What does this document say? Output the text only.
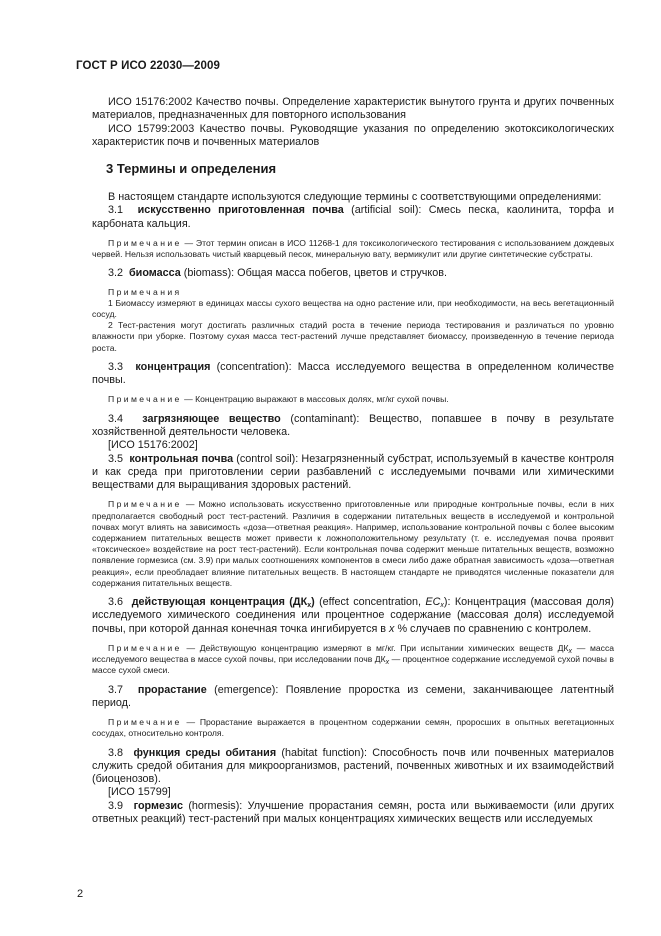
ГОСТ Р ИСО 22030—2009

ИСО 15176:2002 Качество почвы. Определение характеристик вынутого грунта и других почвенных материалов, предназначенных для повторного использования

ИСО 15799:2003 Качество почвы. Руководящие указания по определению экотоксикологических характеристик почв и почвенных материалов

3 Термины и определения

В настоящем стандарте используются следующие термины с соответствующими определениями:

3.1 искусственно приготовленная почва (artificial soil): Смесь песка, каолинита, торфа и карбоната кальция.

Примечание — Этот термин описан в ИСО 11268-1 для токсикологического тестирования с использованием дождевых червей. Нельзя использовать чистый кварцевый песок, минеральную вату, вермикулит или другие синтетические субстраты.

3.2 биомасса (biomass): Общая масса побегов, цветов и стручков.

Примечания

1 Биомассу измеряют в единицах массы сухого вещества на одно растение или, при необходимости, на весь вегетационный сосуд.

2 Тест-растения могут достигать различных стадий роста в течение периода тестирования и различаться по уровню влажности при уборке. Поэтому сухая масса тест-растений лучше представляет биомассу, произведенную в течение периода роста.

3.3 концентрация (concentration): Масса исследуемого вещества в определенном количестве почвы.

Примечание — Концентрацию выражают в массовых долях, мг/кг сухой почвы.

3.4 загрязняющее вещество (contaminant): Вещество, попавшее в почву в результате хозяйственной деятельности человека.

[ИСО 15176:2002]

3.5 контрольная почва (control soil): Незагрязненный субстрат, используемый в качестве контроля и как среда при приготовлении серии разбавлений с исследуемыми почвами или химическими веществами для выращивания здоровых растений.

Примечание — Можно использовать искусственно приготовленные или природные контрольные почвы, если в них предполагается свободный рост тест-растений. Различия в содержании питательных веществ в исследуемой и контрольной почвах могут влиять на зависимость «доза—ответная реакция». Например, использование контрольной почвы с более высоким содержанием питательных веществ может привести к ложноположительному результату (т. е. исследуемая почва проявит «токсическое» воздействие на рост тест-растений). Если контрольная почва содержит меньше питательных веществ, возможно появление гормезиса (см. 3.9) при малых соотношениях компонентов в смеси либо даже обратная зависимость «доза—ответная реакция», если преобладает влияние питательных веществ. В настоящем стандарте не приводятся численные показатели для содержания питательных веществ.

3.6 действующая концентрация $(ДК_x)$ (effect concentration, $EC_x$): Концентрация (массовая доля) исследуемого химического соединения или процентное содержание (массовая доля) исследуемой почвы, при которой данная конечная точка ингибируется в x % случаев по сравнению с контролем.

Примечание — Действующую концентрацию измеряют в мг/кг. При испытании химических веществ $ДК_x$ — масса исследуемого вещества в массе сухой почвы, при исследовании почв $ДК_x$ — процентное содержание исследуемой сухой почвы в массе сухой смеси.

3.7 прорастание (emergence): Появление проростка из семени, заканчивающее латентный период.

Примечание — Прорастание выражается в процентном содержании семян, проросших в опытных вегетационных сосудах, относительно контроля.

3.8 функция среды обитания (habitat function): Способность почв или почвенных материалов служить средой обитания для микроорганизмов, растений, почвенных животных и их взаимодействий (биоценозов).

[ИСО 15799]

3.9 гормезис (hormesis): Улучшение прорастания семян, роста или выживаемости (или других ответных реакций) тест-растений при малых концентрациях химических веществ или исследуемых

2
